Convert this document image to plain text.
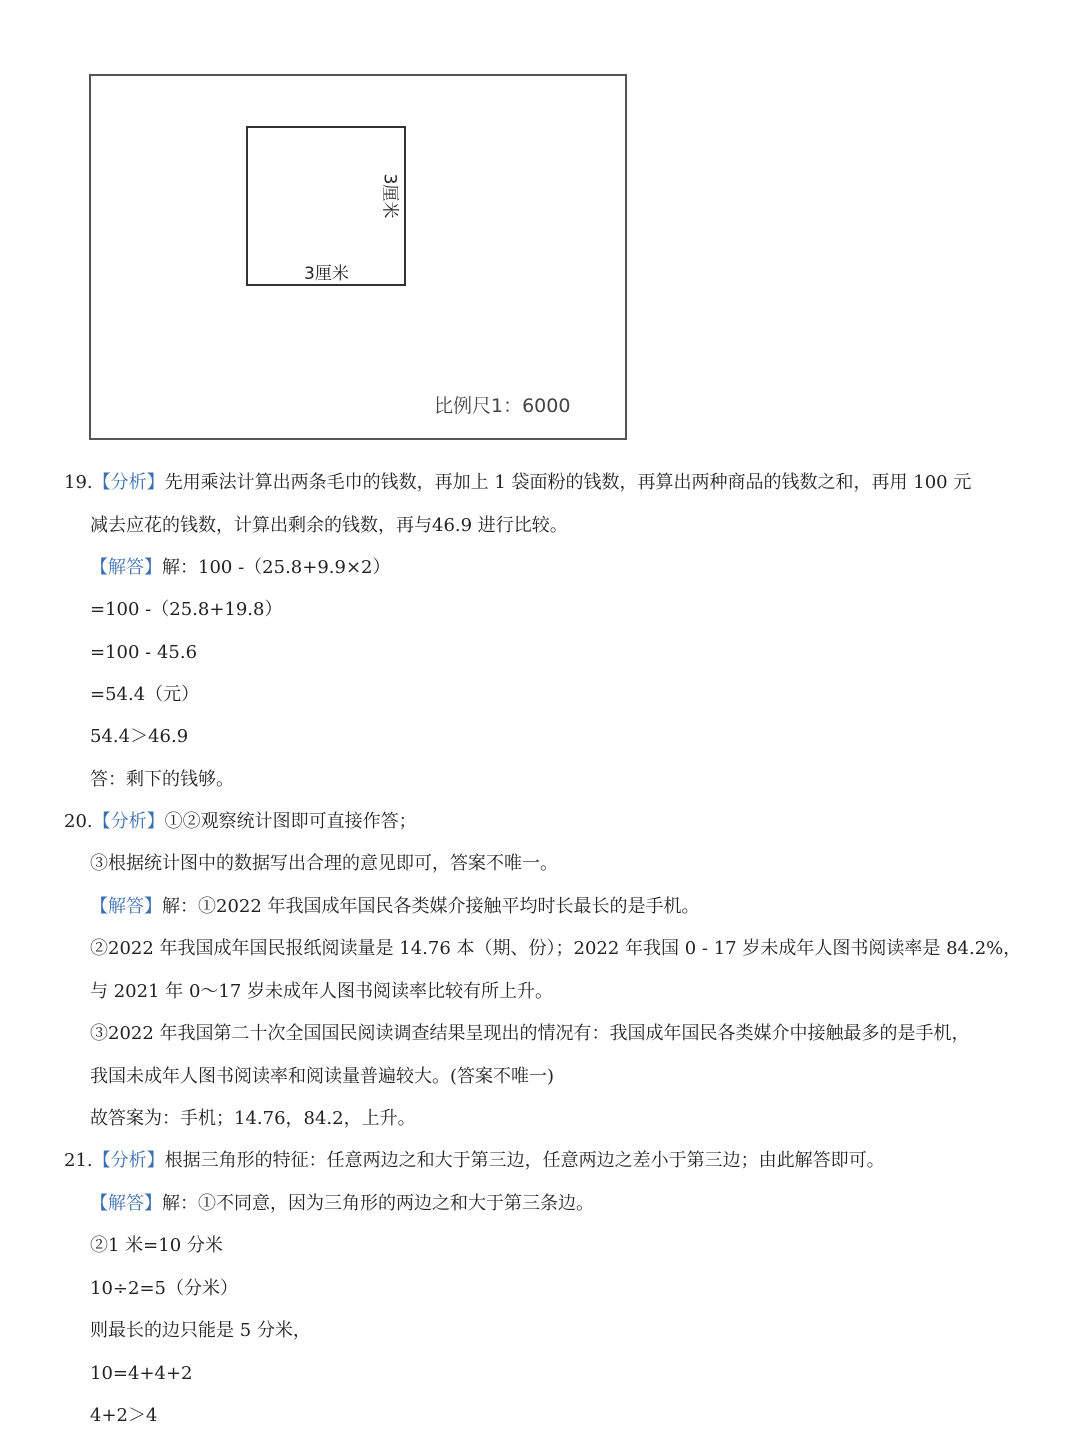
3厘米
3厘米
比例尺1：6000
19.【分析】先用乘法计算出两条毛巾的钱数，再加上 1 袋面粉的钱数，再算出两种商品的钱数之和，再用 100 元
减去应花的钱数，计算出剩余的钱数，再与46.9 进行比较。
【解答】解：100 -（25.8+9.9×2）
=100 -（25.8+19.8）
=100 - 45.6
=54.4（元）
54.4＞46.9
答：剩下的钱够。
20.【分析】①②观察统计图即可直接作答；
③根据统计图中的数据写出合理的意见即可，答案不唯一。
【解答】解：①2022 年我国成年国民各类媒介接触平均时长最长的是手机。
②2022 年我国成年国民报纸阅读量是 14.76 本（期、份）；2022 年我国 0 - 17 岁未成年人图书阅读率是 84.2%，
与 2021 年 0～17 岁未成年人图书阅读率比较有所上升。
③2022 年我国第二十次全国国民阅读调查结果呈现出的情况有：我国成年国民各类媒介中接触最多的是手机，
我国未成年人图书阅读率和阅读量普遍较大。(答案不唯一)
故答案为：手机；14.76，84.2，上升。
21.【分析】根据三角形的特征：任意两边之和大于第三边，任意两边之差小于第三边；由此解答即可。
【解答】解：①不同意，因为三角形的两边之和大于第三条边。
②1 米=10 分米
10÷2=5（分米）
则最长的边只能是 5 分米，
10=4+4+2
4+2＞4
